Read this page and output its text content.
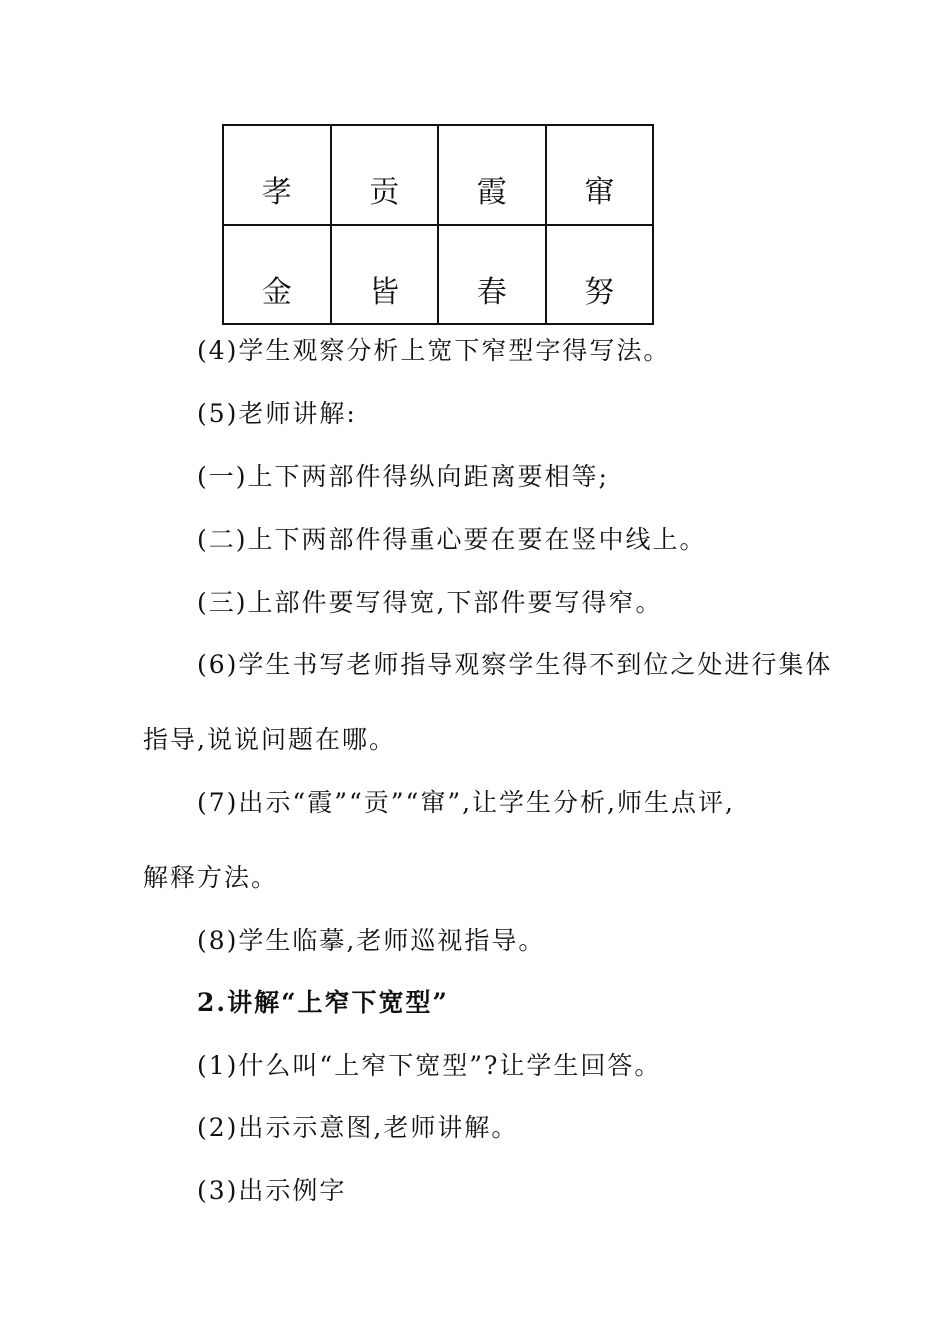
孝	贡	霞	窜
金	皆	春	努
(4)学生观察分析上宽下窄型字得写法。
(5)老师讲解:
(一)上下两部件得纵向距离要相等;
(二)上下两部件得重心要在要在竖中线上。
(三)上部件要写得宽,下部件要写得窄。
(6)学生书写老师指导观察学生得不到位之处进行集体
指导,说说问题在哪。
(7)出示“霞”“贡”“窜”,让学生分析,师生点评,
解释方法。
(8)学生临摹,老师巡视指导。
2.讲解“上窄下宽型”
(1)什么叫“上窄下宽型”?让学生回答。
(2)出示示意图,老师讲解。
(3)出示例字
